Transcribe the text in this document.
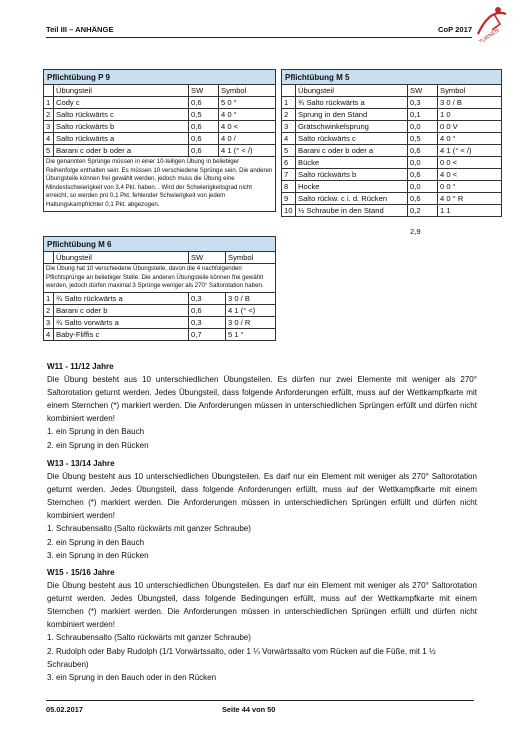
Teil III – ANHÄNGE	CoP 2017 TURNEN
Pflichtübung P 9			
	Übungsteil	SW	Symbol
1	Cody c	0,6	5 0 °
2	Salto rückwärts c	0,5	4 0 °
3	Salto rückwärts b	0,6	4 0 <
4	Salto rückwärts a	0,6	4 0 /
5	Barani c oder b oder a	0,6	4 1 (° < /)
Die genannten Sprünge müssen in einer 10-teiligen Übung in beliebiger Reihenfolge enthalten sein: Es müssen 10 verschiedene Sprünge sein. Die anderen Übungsteile können frei gewählt werden, jedoch muss die Übung eine Mindestschwierigkeit von 3,4 Pkt. haben. . Wird der Schwierigkeitsgrad nicht erreicht, so werden pro 0,1 Pkt. fehlender Schwierigkeit von jedem Haltungskampfrichter 0,1 Pkt. abgezogen.			
Pflichtübung M 5			
	Übungsteil	SW	Symbol
1	¾ Salto rückwärts a	0,3	3 0 / B
2	Sprung in den Stand	0,1	1 0
3	Grätschwinkelsprung	0,0	0 0 V
4	Salto rückwärts c	0,5	4 0 °
5	Barani c oder b oder a	0,6	4 1 (° < /)
6	Bücke	0,0	0 0 <
7	Salto rückwärts b	0,6	4 0 <
8	Hocke	0,0	0 0 °
9	Salto rückw. c i. d. Rücken	0,6	4 0 ° R
10	½ Schraube in den Stand	0,2	1 1
2,9
Pflichtübung M 6			
	Übungsteil	SW	Symbol
Die Übung hat 10 verschiedene Übungsteile, davon die 4 nachfolgenden Pflichtsprünge an beliebiger Stelle. Die anderen Übungsteile können frei gewählt werden, jedoch dürfen maximal 3 Sprünge weniger als 270° Saltorotation haben.			
1	¾ Salto rückwärts a	0,3	3 0 / B
2	Barani c oder b	0,6	4 1 (° <)
3	¾ Salto vorwärts a	0,3	3 0 / R
4	Baby-Fliffis c	0,7	5 1 °
W11 - 11/12 Jahre

Die Übung besteht aus 10 unterschiedlichen Übungsteilen. Es dürfen nur zwei Elemente mit weniger als 270° Saltorotation geturnt werden. Jedes Übungsteil, dass folgende Anforderungen erfüllt, muss auf der Wettkampfkarte mit einem Sternchen (*) markiert werden. Die Anforderungen müssen in unterschiedlichen Sprüngen erfüllt und dürfen nicht kombiniert werden!

1. ein Sprung in den Bauch
2. ein Sprung in den Rücken
W13 - 13/14 Jahre

Die Übung besteht aus 10 unterschiedlichen Übungsteilen. Es darf nur ein Element mit weniger als 270° Saltorotation geturnt werden. Jedes Übungsteil, dass folgende Anforderungen erfüllt, muss auf der Wettkampfkarte mit einem Sternchen (*) markiert werden. Die Anforderungen müssen in unterschiedlichen Sprüngen erfüllt und dürfen nicht kombiniert werden!

1. Schraubensalto (Salto rückwärts mit ganzer Schraube)
2. ein Sprung in den Bauch
3. ein Sprung in den Rücken
W15 - 15/16 Jahre

Die Übung besteht aus 10 unterschiedlichen Übungsteilen. Es darf nur ein Element mit weniger als 270° Saltorotation geturnt werden. Jedes Übungsteil, dass folgende Bedingungen erfüllt, muss auf der Wettkampfkarte mit einem Sternchen (*) markiert werden. Die Anforderungen müssen in unterschiedlichen Sprüngen erfüllt und dürfen nicht kombiniert werden!

1. Schraubensalto (Salto rückwärts mit ganzer Schraube)
2. Rudolph oder Baby Rudolph (1/1 Vorwärtssalto, oder 1 ¼ Vorwärtssalto vom Rücken auf die Füße, mit 1 ½ Schrauben)
3. ein Sprung in den Bauch oder in den Rücken
05.02.2017	Seite 44 von 50
